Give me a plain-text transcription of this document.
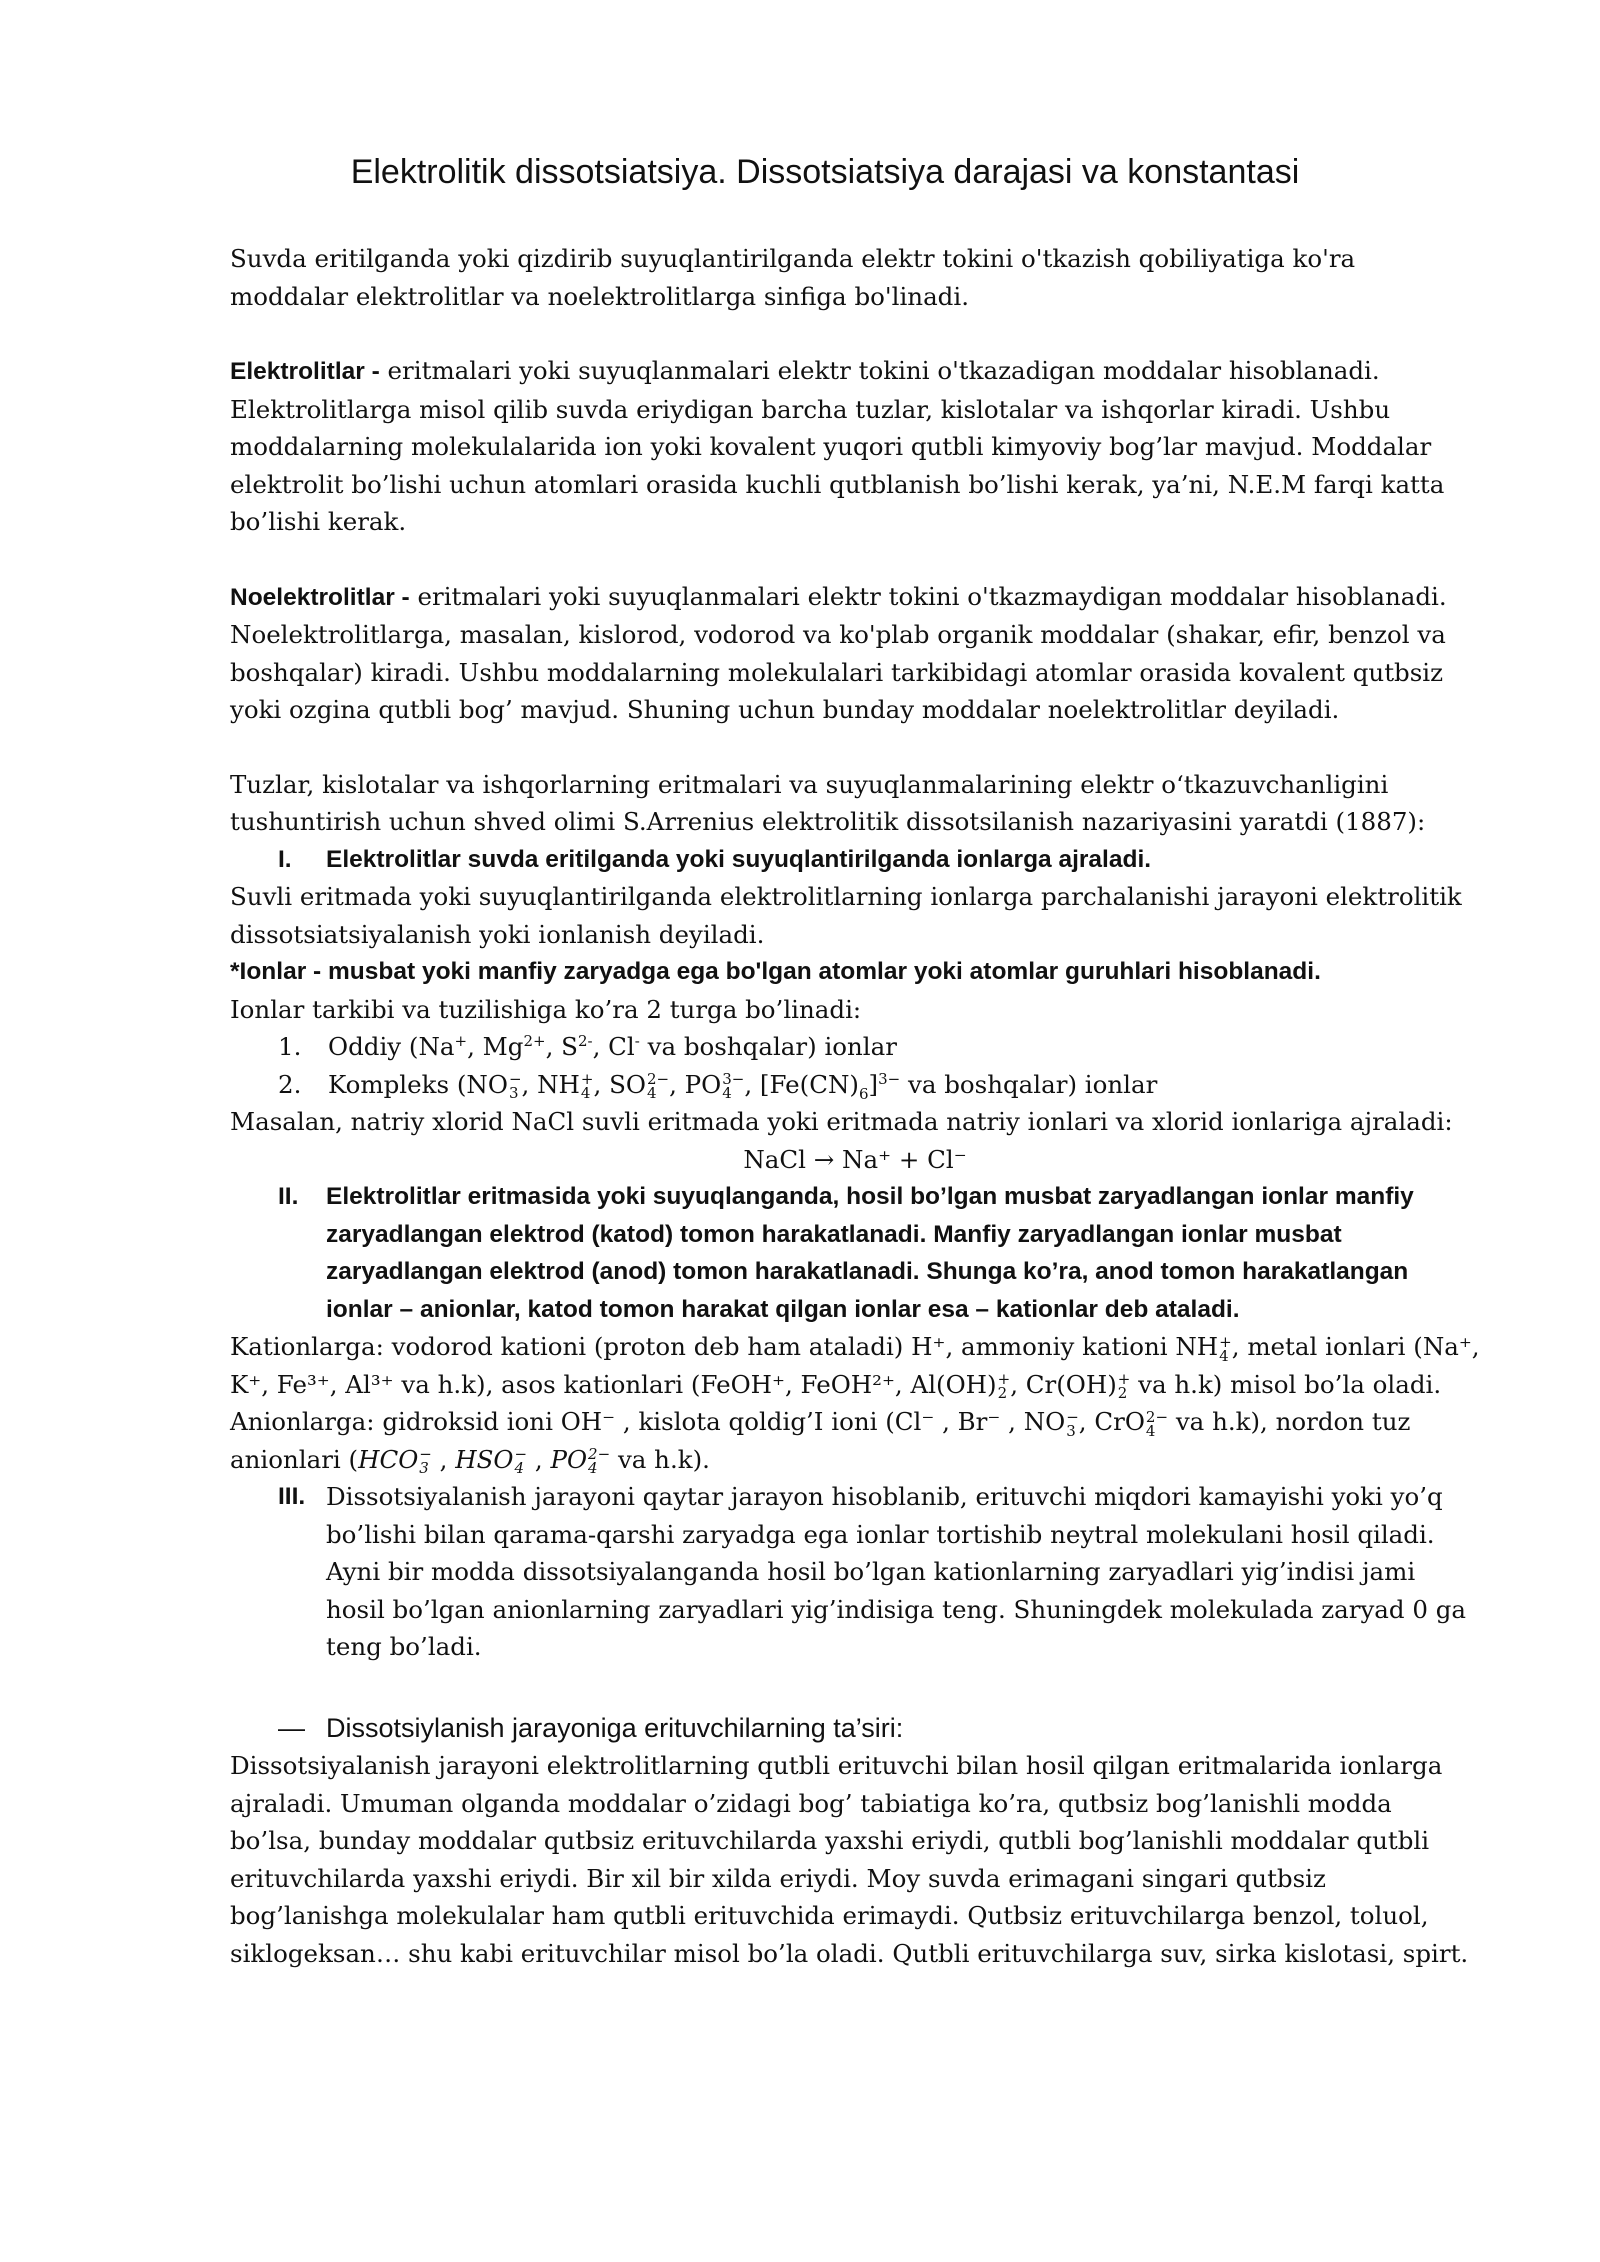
Elektrolitik dissotsiatsiya. Dissotsiatsiya darajasi va konstantasi

Suvda eritilganda yoki qizdirib suyuqlantirilganda elektr tokini o'tkazish qobiliyatiga ko'ra moddalar elektrolitlar va noelektrolitlarga sinfiga bo'linadi.

Elektrolitlar - eritmalari yoki suyuqlanmalari elektr tokini o'tkazadigan moddalar hisoblanadi. Elektrolitlarga misol qilib suvda eriydigan barcha tuzlar, kislotalar va ishqorlar kiradi. Ushbu moddalarning molekulalarida ion yoki kovalent yuqori qutbli kimyoviy bog’lar mavjud. Moddalar elektrolit bo’lishi uchun atomlari orasida kuchli qutblanish bo’lishi kerak, ya’ni, N.E.M farqi katta bo’lishi kerak.

Noelektrolitlar - eritmalari yoki suyuqlanmalari elektr tokini o'tkazmaydigan moddalar hisoblanadi. Noelektrolitlarga, masalan, kislorod, vodorod va ko'plab organik moddalar (shakar, efir, benzol va boshqalar) kiradi. Ushbu moddalarning molekulalari tarkibidagi atomlar orasida kovalent qutbsiz yoki ozgina qutbli bog’ mavjud. Shuning uchun bunday moddalar noelektrolitlar deyiladi.

Tuzlar, kislotalar va ishqorlarning eritmalari va suyuqlanmalarining elektr o‘tkazuvchanligini tushuntirish uchun shved olimi S.Arrenius elektrolitik dissotsilanish nazariyasini yaratdi (1887):

I.	Elektrolitlar suvda eritilganda yoki suyuqlantirilganda ionlarga ajraladi.

Suvli eritmada yoki suyuqlantirilganda elektrolitlarning ionlarga parchalanishi jarayoni elektrolitik dissotsiatsiyalanish yoki ionlanish deyiladi.

*Ionlar - musbat yoki manfiy zaryadga ega bo'lgan atomlar yoki atomlar guruhlari hisoblanadi.

Ionlar tarkibi va tuzilishiga ko’ra 2 turga bo’linadi:

1.	Oddiy (Na+, $Mg^{2+}$, $S^{2-}$, Cl- va boshqalar) ionlar
2.	Kompleks (NO −
3 , NH +
4 , SO 2−
4 , PO 3−
4 , $[Fe(CN)_6]^{3-}$ va boshqalar) ionlar

Masalan, natriy xlorid NaCl suvli eritmada yoki eritmada natriy ionlari va xlorid ionlariga ajraladi:

NaCl → Na⁺ + Cl⁻

II.	Elektrolitlar eritmasida yoki suyuqlanganda, hosil bo’lgan musbat zaryadlangan ionlar manfiy zaryadlangan elektrod (katod) tomon harakatlanadi. Manfiy zaryadlangan ionlar musbat zaryadlangan elektrod (anod) tomon harakatlanadi. Shunga ko’ra, anod tomon harakatlangan ionlar – anionlar, katod tomon harakat qilgan ionlar esa – kationlar deb ataladi.

Kationlarga: vodorod kationi (proton deb ham ataladi) H⁺, ammoniy kationi NH +
4 , metal ionlari (Na⁺, K⁺, Fe³⁺, Al³⁺ va h.k), asos kationlari (FeOH⁺, FeOH²⁺, Al(OH) +
2 , Cr(OH) +
2 va h.k) misol bo’la oladi.

Anionlarga: gidroksid ioni OH⁻ , kislota qoldig’I ioni (Cl⁻ , Br⁻ , NO −
3 , CrO 2−
4 va h.k), nordon tuz anionlari (HCO −
3 , HSO −
4 , PO 2−
4 va h.k).

III. Dissotsiyalanish jarayoni qaytar jarayon hisoblanib, erituvchi miqdori kamayishi yoki yo’q bo’lishi bilan qarama-qarshi zaryadga ega ionlar tortishib neytral molekulani hosil qiladi. Ayni bir modda dissotsiyalanganda hosil bo’lgan kationlarning zaryadlari yig’indisi jami hosil bo’lgan anionlarning zaryadlari yig’indisiga teng. Shuningdek molekulada zaryad 0 ga teng bo’ladi.
— Dissotsiylanish jarayoniga erituvchilarning ta’siri:

Dissotsiyalanish jarayoni elektrolitlarning qutbli erituvchi bilan hosil qilgan eritmalarida ionlarga ajraladi. Umuman olganda moddalar o’zidagi bog’ tabiatiga ko’ra, qutbsiz bog’lanishli modda bo’lsa, bunday moddalar qutbsiz erituvchilarda yaxshi eriydi, qutbli bog’lanishli moddalar qutbli erituvchilarda yaxshi eriydi. Bir xil bir xilda eriydi. Moy suvda erimagani singari qutbsiz bog’lanishga molekulalar ham qutbli erituvchida erimaydi. Qutbsiz erituvchilarga benzol, toluol, siklogeksan… shu kabi erituvchilar misol bo’la oladi. Qutbli erituvchilarga suv, sirka kislotasi, spirt.
